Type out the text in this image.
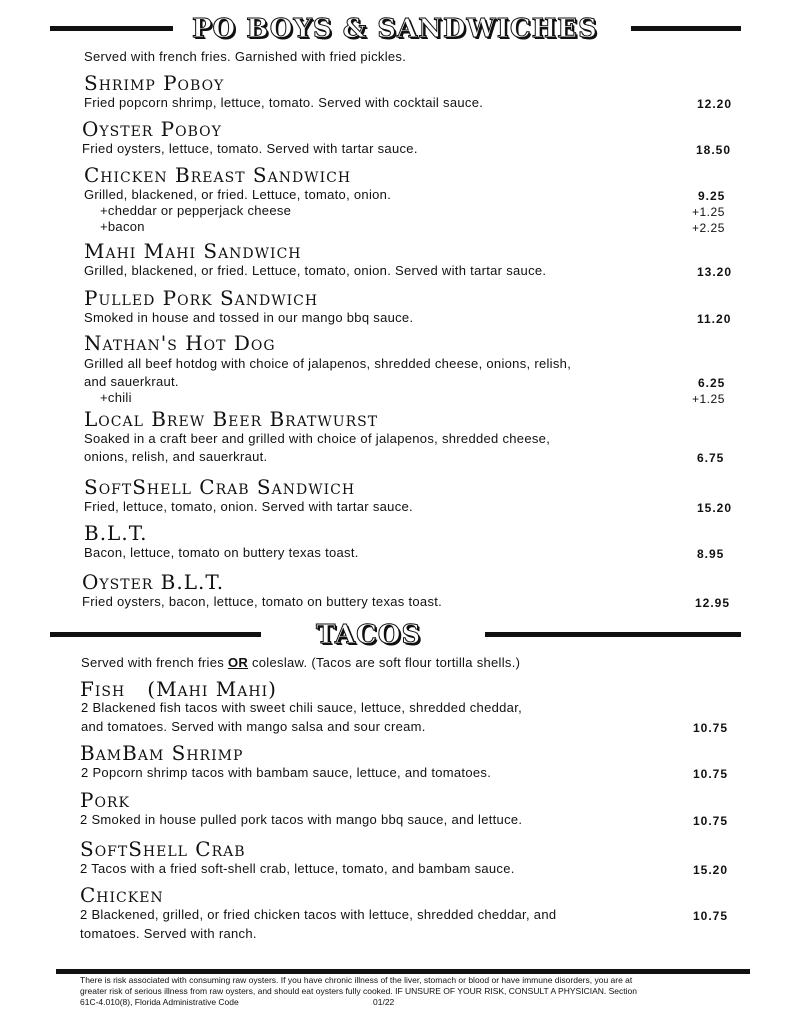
PO BOYS & SANDWICHES
Served with french fries. Garnished with fried pickles.
Shrimp Poboy
Fried popcorn shrimp, lettuce, tomato. Served with cocktail sauce.	12.20
Oyster Poboy
Fried oysters, lettuce, tomato. Served with tartar sauce.	18.50
Chicken Breast Sandwich
Grilled, blackened, or fried. Lettuce, tomato, onion.	9.25
+cheddar or pepperjack cheese	+1.25
+bacon	+2.25
Mahi Mahi Sandwich
Grilled, blackened, or fried. Lettuce, tomato, onion. Served with tartar sauce.	13.20
Pulled Pork Sandwich
Smoked in house and tossed in our mango bbq sauce.	11.20
Nathan's Hot Dog
Grilled all beef hotdog with choice of jalapenos, shredded cheese, onions, relish,
and sauerkraut.	6.25
+chili	+1.25
Local Brew Beer Bratwurst
Soaked in a craft beer and grilled with choice of jalapenos, shredded cheese,
onions, relish, and sauerkraut.	6.75
SoftShell Crab Sandwich
Fried, lettuce, tomato, onion. Served with tartar sauce.	15.20
B.L.T.
Bacon, lettuce, tomato on buttery texas toast.	8.95
Oyster B.L.T.
Fried oysters, bacon, lettuce, tomato on buttery texas toast.	12.95
TACOS
Served with french fries OR coleslaw. (Tacos are soft flour tortilla shells.)
Fish   (Mahi Mahi)
2 Blackened fish tacos with sweet chili sauce, lettuce, shredded cheddar,
and tomatoes. Served with mango salsa and sour cream.	10.75
BamBam Shrimp
2 Popcorn shrimp tacos with bambam sauce, lettuce, and tomatoes.	10.75
Pork
2 Smoked in house pulled pork tacos with mango bbq sauce, and lettuce.	10.75
SoftShell Crab
2 Tacos with a fried soft-shell crab, lettuce, tomato, and bambam sauce.	15.20
Chicken
2 Blackened, grilled, or fried chicken tacos with lettuce, shredded cheddar, and
tomatoes. Served with ranch.
10.75
There is risk associated with consuming raw oysters. If you have chronic illness of the liver, stomach or blood or have immune disorders, you are at
greater risk of serious illness from raw oysters, and should eat oysters fully cooked. IF UNSURE OF YOUR RISK, CONSULT A PHYSICIAN. Section
61C-4.010(8), Florida Administrative Code	01/22
